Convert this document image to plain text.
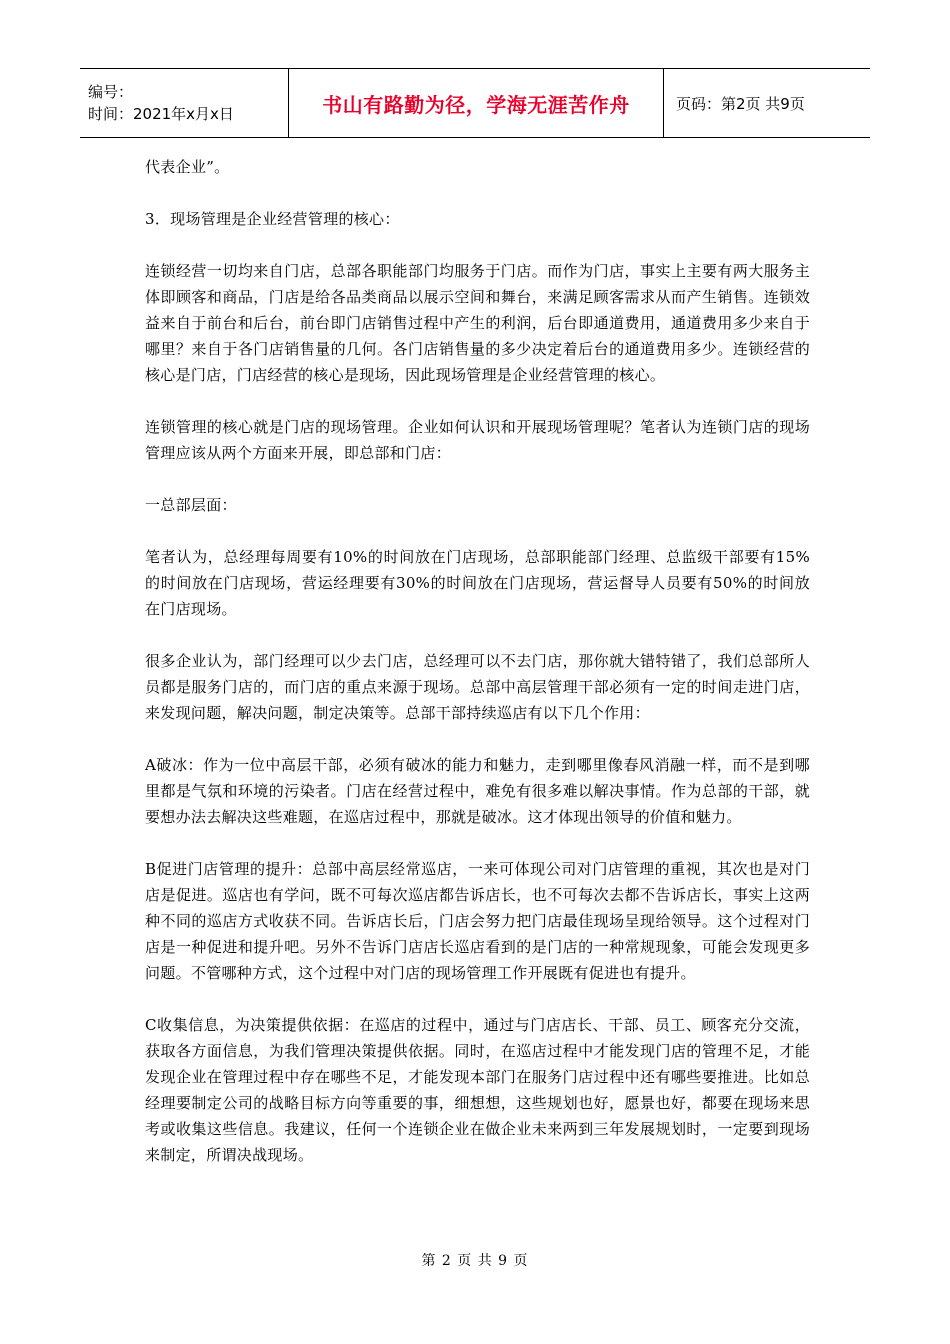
编号：
时间：2021年x月x日	书山有路勤为径，学海无涯苦作舟	页码：第2页 共9页

代表企业”。

3．现场管理是企业经营管理的核心：

连锁经营一切均来自门店，总部各职能部门均服务于门店。而作为门店，事实上主要有两大服务主体即顾客和商品，门店是给各品类商品以展示空间和舞台，来满足顾客需求从而产生销售。连锁效益来自于前台和后台，前台即门店销售过程中产生的利润，后台即通道费用，通道费用多少来自于哪里？来自于各门店销售量的几何。各门店销售量的多少决定着后台的通道费用多少。连锁经营的核心是门店，门店经营的核心是现场，因此现场管理是企业经营管理的核心。

连锁管理的核心就是门店的现场管理。企业如何认识和开展现场管理呢？笔者认为连锁门店的现场管理应该从两个方面来开展，即总部和门店：

一总部层面：

笔者认为，总经理每周要有10%的时间放在门店现场，总部职能部门经理、总监级干部要有15%的时间放在门店现场，营运经理要有30%的时间放在门店现场，营运督导人员要有50%的时间放在门店现场。

很多企业认为，部门经理可以少去门店，总经理可以不去门店，那你就大错特错了，我们总部所人员都是服务门店的，而门店的重点来源于现场。总部中高层管理干部必须有一定的时间走进门店，来发现问题，解决问题，制定决策等。总部干部持续巡店有以下几个作用：

A破冰：作为一位中高层干部，必须有破冰的能力和魅力，走到哪里像春风消融一样，而不是到哪里都是气氛和环境的污染者。门店在经营过程中，难免有很多难以解决事情。作为总部的干部，就要想办法去解决这些难题，在巡店过程中，那就是破冰。这才体现出领导的价值和魅力。

B促进门店管理的提升：总部中高层经常巡店，一来可体现公司对门店管理的重视，其次也是对门店是促进。巡店也有学问，既不可每次巡店都告诉店长，也不可每次去都不告诉店长，事实上这两种不同的巡店方式收获不同。告诉店长后，门店会努力把门店最佳现场呈现给领导。这个过程对门店是一种促进和提升吧。另外不告诉门店店长巡店看到的是门店的一种常规现象，可能会发现更多问题。不管哪种方式，这个过程中对门店的现场管理工作开展既有促进也有提升。

C收集信息，为决策提供依据：在巡店的过程中，通过与门店店长、干部、员工、顾客充分交流，获取各方面信息，为我们管理决策提供依据。同时，在巡店过程中才能发现门店的管理不足，才能发现企业在管理过程中存在哪些不足，才能发现本部门在服务门店过程中还有哪些要推进。比如总经理要制定公司的战略目标方向等重要的事，细想想，这些规划也好，愿景也好，都要在现场来思考或收集这些信息。我建议，任何一个连锁企业在做企业未来两到三年发展规划时，一定要到现场来制定，所谓决战现场。

第 2 页 共 9 页
